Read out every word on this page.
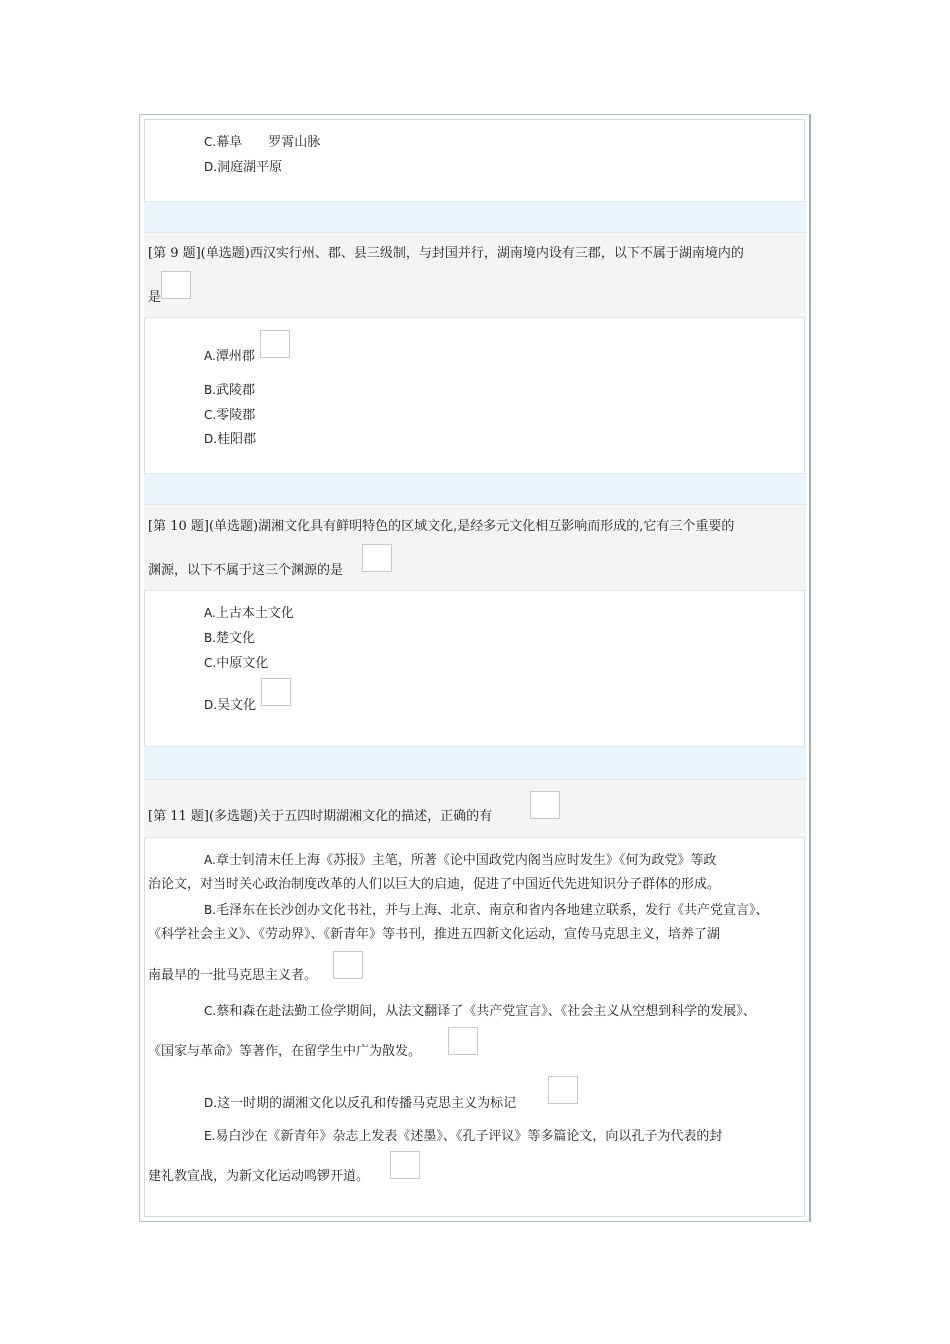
C.幕阜　　罗霄山脉
D.洞庭湖平原
[第 9 题](单选题)西汉实行州、郡、县三级制，与封国并行，湖南境内设有三郡，以下不属于湖南境内的
是
A.潭州郡
B.武陵郡
C.零陵郡
D.桂阳郡
[第 10 题](单选题)湖湘文化具有鲜明特色的区域文化,是经多元文化相互影响而形成的,它有三个重要的
渊源，以下不属于这三个渊源的是
A.上古本土文化
B.楚文化
C.中原文化
D.吴文化
[第 11 题](多选题)关于五四时期湖湘文化的描述，正确的有
A.章士钊清末任上海《苏报》主笔，所著《论中国政党内阁当应时发生》《何为政党》等政
治论文，对当时关心政治制度改革的人们以巨大的启迪，促进了中国近代先进知识分子群体的形成。
B.毛泽东在长沙创办文化书社，并与上海、北京、南京和省内各地建立联系，发行《共产党宣言》、
《科学社会主义》、《劳动界》、《新青年》等书刊，推进五四新文化运动，宣传马克思主义，培养了湖
南最早的一批马克思主义者。
C.蔡和森在赴法勤工俭学期间，从法文翻译了《共产党宣言》、《社会主义从空想到科学的发展》、
《国家与革命》等著作，在留学生中广为散发。
D.这一时期的湖湘文化以反孔和传播马克思主义为标记
E.易白沙在《新青年》杂志上发表《述墨》、《孔子评议》等多篇论文，向以孔子为代表的封
建礼教宣战，为新文化运动鸣锣开道。
